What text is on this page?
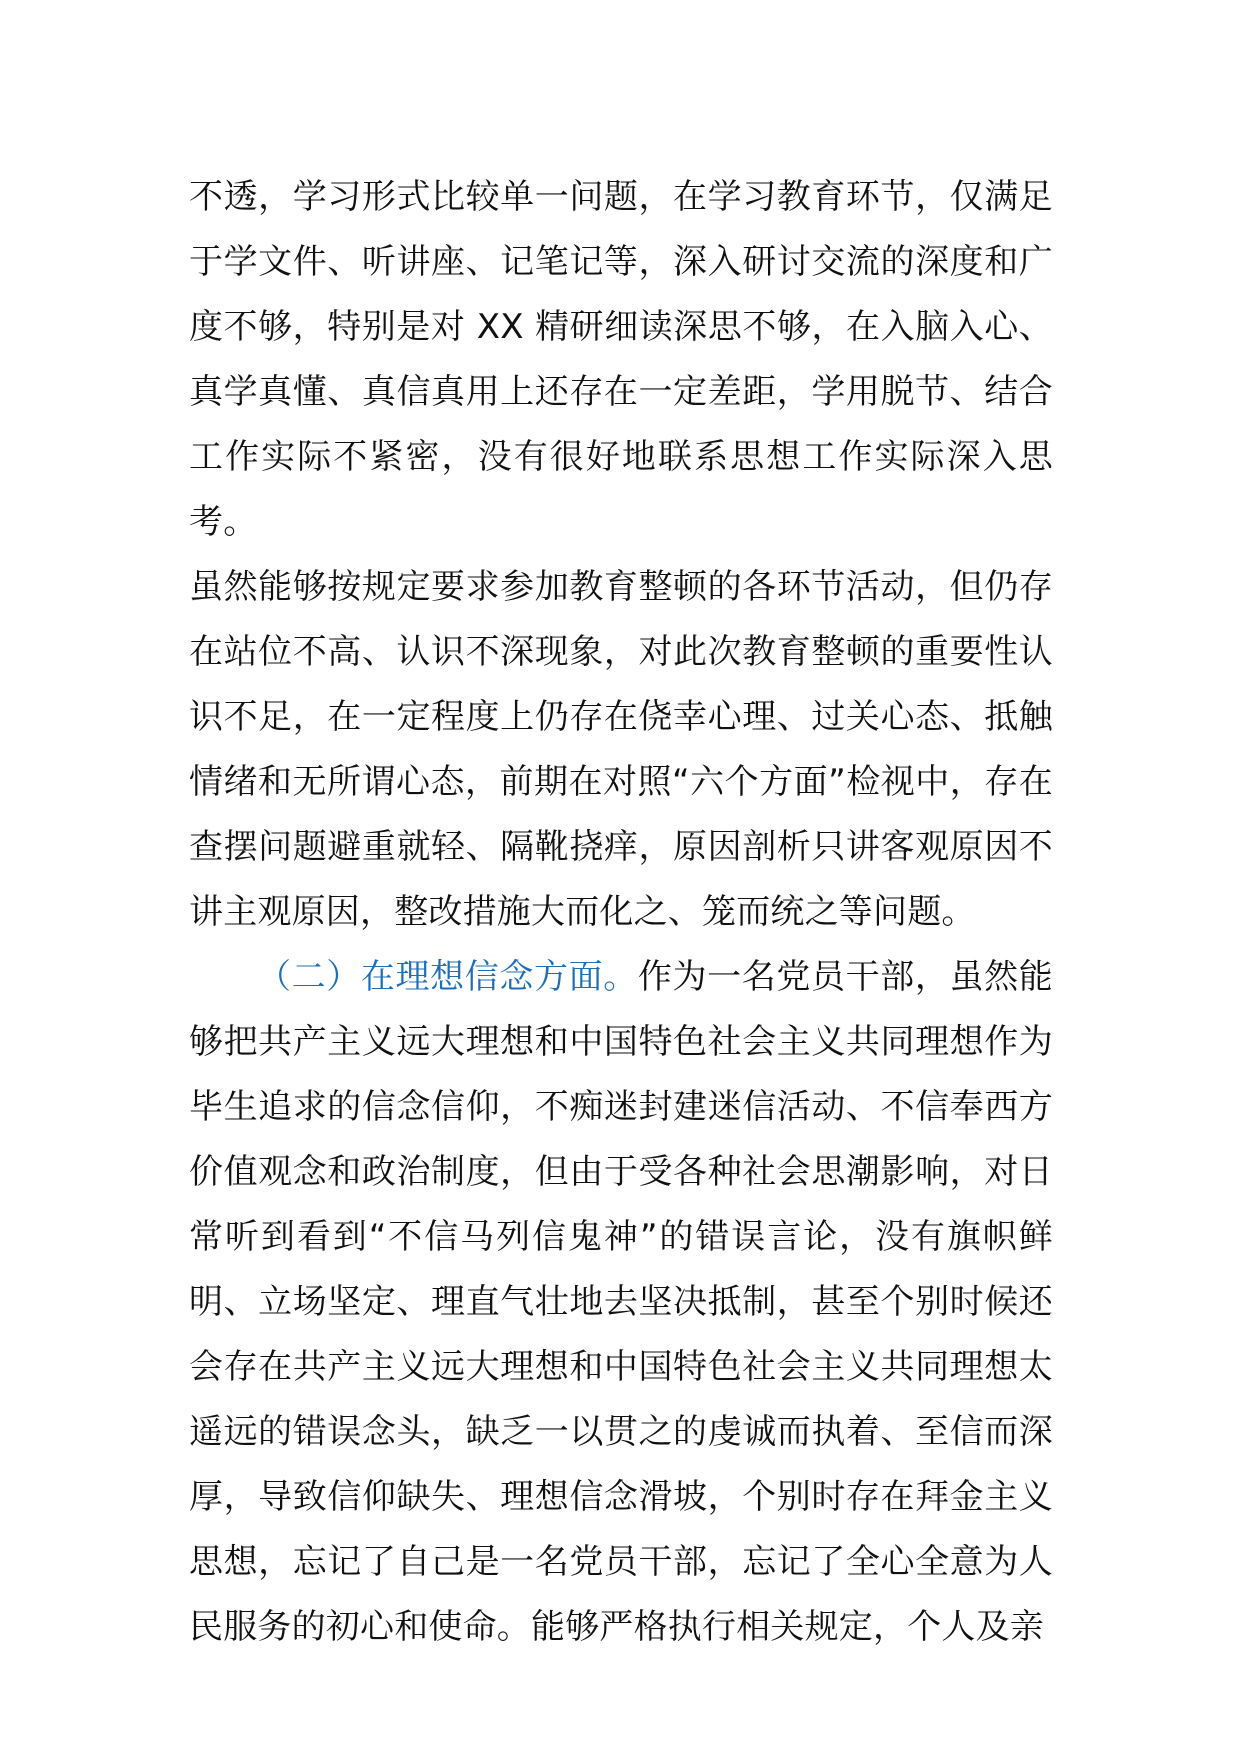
不透，学习形式比较单一问题，在学习教育环节，仅满足于学文件、听讲座、记笔记等，深入研讨交流的深度和广度不够，特别是对 XX 精研细读深思不够，在入脑入心、真学真懂、真信真用上还存在一定差距，学用脱节、结合工作实际不紧密，没有很好地联系思想工作实际深入思考。

虽然能够按规定要求参加教育整顿的各环节活动，但仍存在站位不高、认识不深现象，对此次教育整顿的重要性认识不足，在一定程度上仍存在侥幸心理、过关心态、抵触情绪和无所谓心态，前期在对照“六个方面”检视中，存在查摆问题避重就轻、隔靴挠痒，原因剖析只讲客观原因不讲主观原因，整改措施大而化之、笼而统之等问题。

（二）在理想信念方面。作为一名党员干部，虽然能够把共产主义远大理想和中国特色社会主义共同理想作为毕生追求的信念信仰，不痴迷封建迷信活动、不信奉西方价值观念和政治制度，但由于受各种社会思潮影响，对日常听到看到“不信马列信鬼神”的错误言论，没有旗帜鲜明、立场坚定、理直气壮地去坚决抵制，甚至个别时候还会存在共产主义远大理想和中国特色社会主义共同理想太遥远的错误念头，缺乏一以贯之的虔诚而执着、至信而深厚，导致信仰缺失、理想信念滑坡，个别时存在拜金主义思想，忘记了自己是一名党员干部，忘记了全心全意为人民服务的初心和使命。能够严格执行相关规定，个人及亲
